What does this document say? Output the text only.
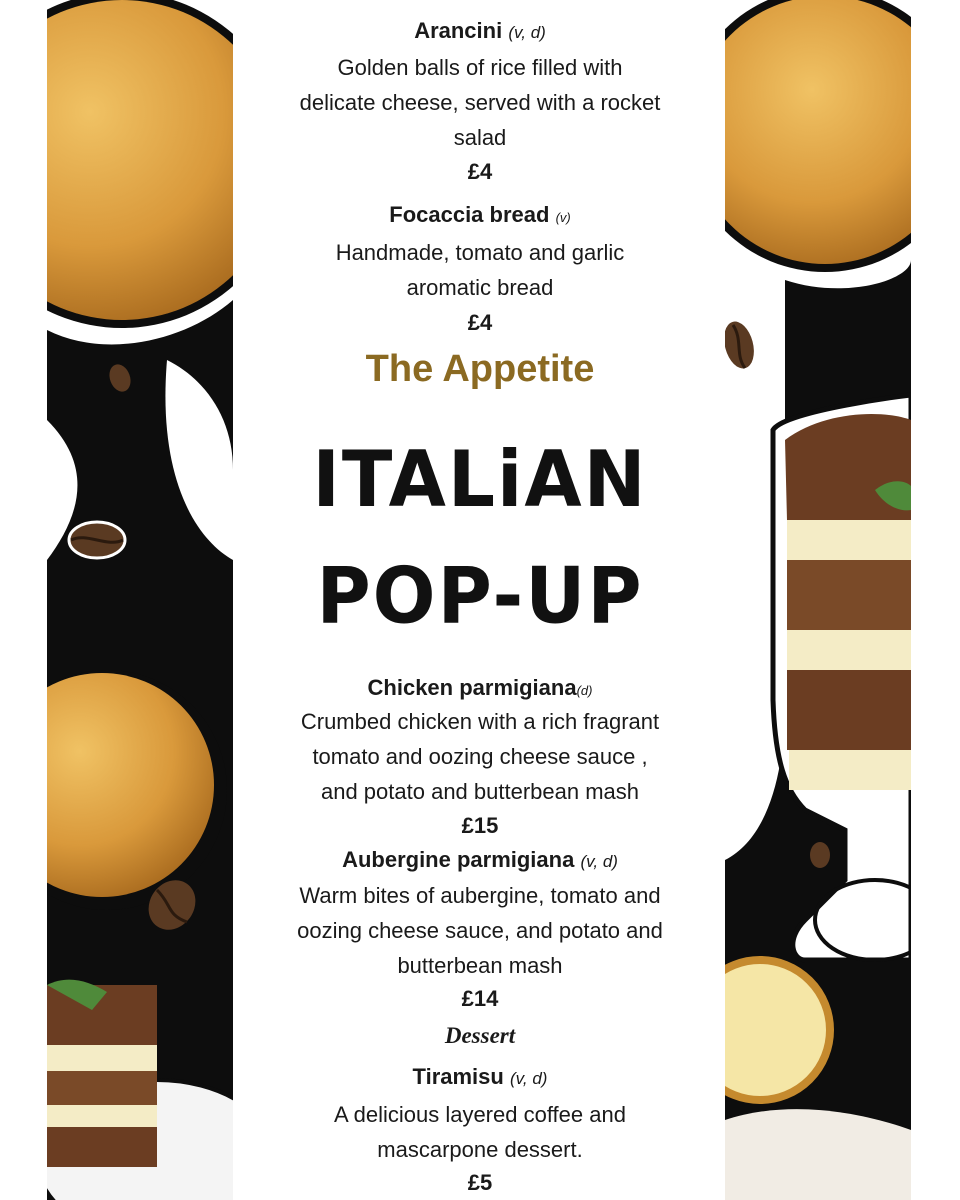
Arancini (v, d)

Golden balls of rice filled with

delicate cheese, served with a rocket

salad

£4

Focaccia bread (v)

Handmade, tomato and garlic

aromatic bread

£4

The Appetite

ITALiAN

POP-UP

Chicken parmigiana(d)

Crumbed chicken with a rich fragrant

tomato and oozing cheese sauce ,

and potato and butterbean mash

£15

Aubergine parmigiana (v, d)

Warm bites of aubergine, tomato and

oozing cheese sauce, and potato and

butterbean mash

£14

Dessert

Tiramisu (v, d)

A delicious layered coffee and

mascarpone dessert.

£5
